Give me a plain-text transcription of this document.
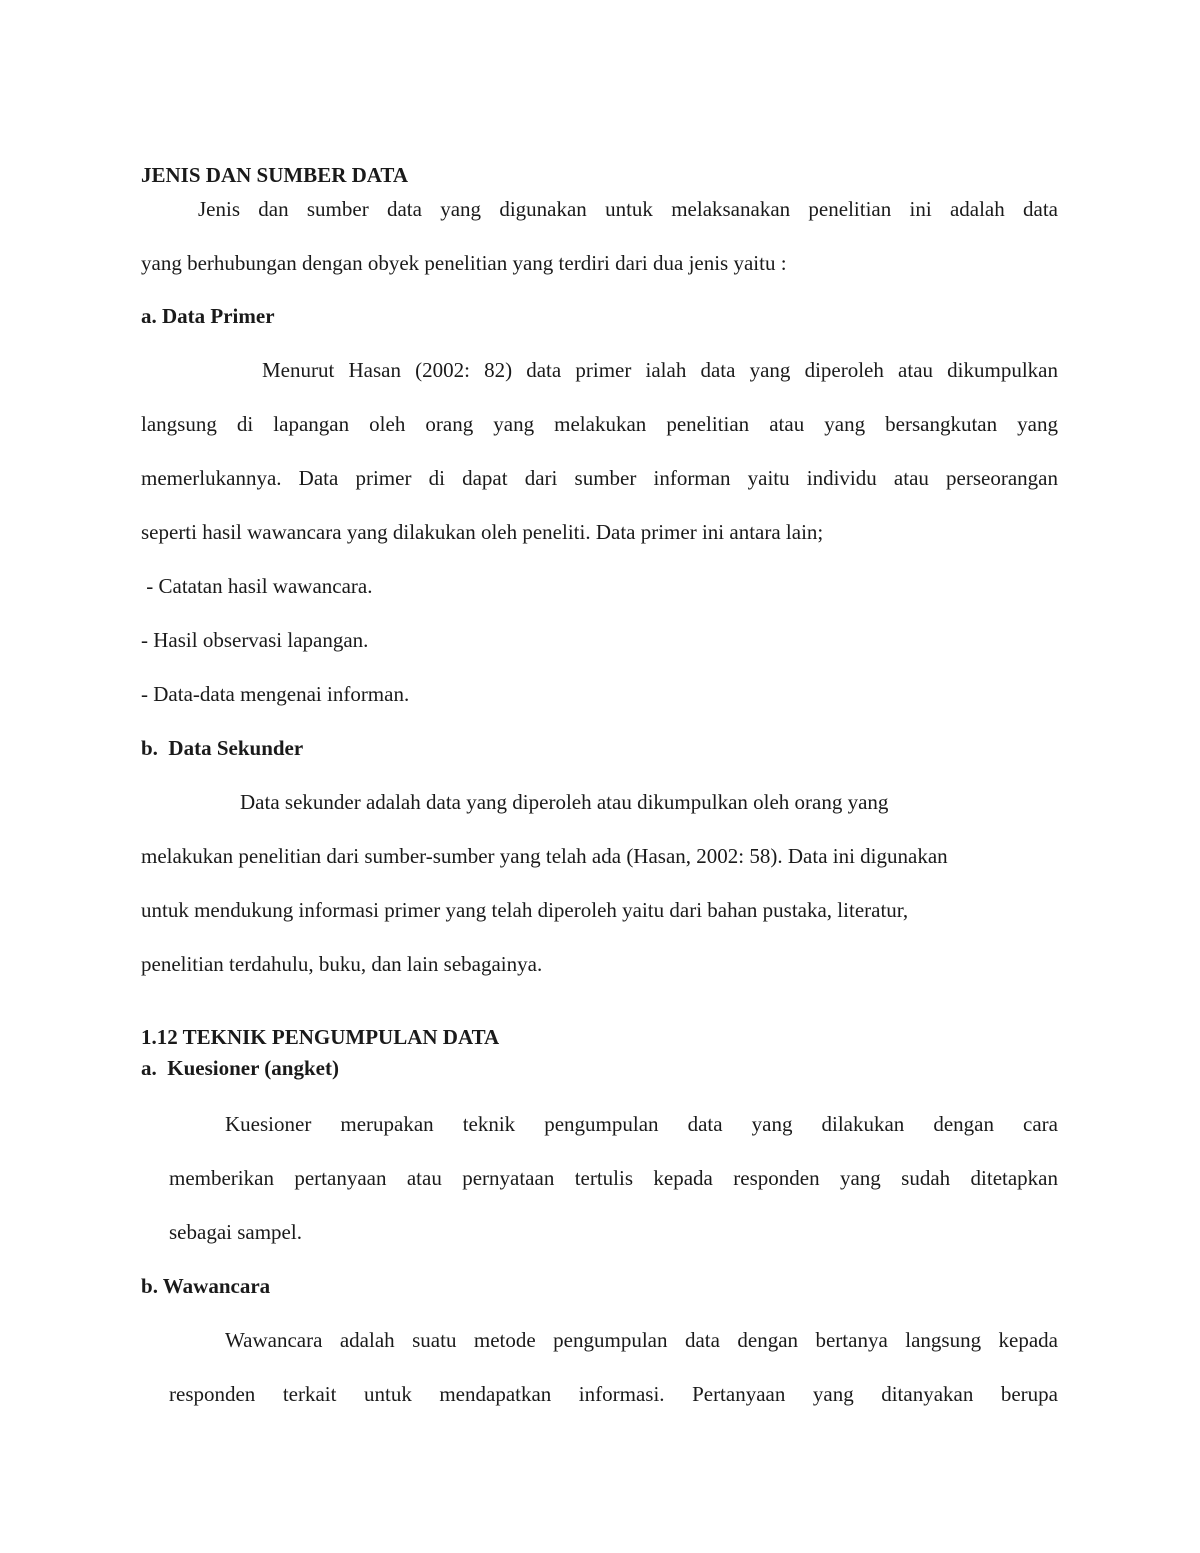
JENIS DAN SUMBER DATA

Jenis dan sumber data yang digunakan untuk melaksanakan penelitian ini adalah data

yang berhubungan dengan obyek penelitian yang terdiri dari dua jenis yaitu :

a. Data Primer

Menurut Hasan (2002: 82) data primer ialah data yang diperoleh atau dikumpulkan

langsung di lapangan oleh orang yang melakukan penelitian atau yang bersangkutan yang

memerlukannya. Data primer di dapat dari sumber informan yaitu individu atau perseorangan

seperti hasil wawancara yang dilakukan oleh peneliti. Data primer ini antara lain;

- Catatan hasil wawancara.

- Hasil observasi lapangan.

- Data-data mengenai informan.

b.  Data Sekunder

Data sekunder adalah data yang diperoleh atau dikumpulkan oleh orang yang

melakukan penelitian dari sumber-sumber yang telah ada (Hasan, 2002: 58). Data ini digunakan

untuk mendukung informasi primer yang telah diperoleh yaitu dari bahan pustaka, literatur,

penelitian terdahulu, buku, dan lain sebagainya.

1.12 TEKNIK PENGUMPULAN DATA

a.  Kuesioner (angket)

Kuesioner merupakan teknik pengumpulan data yang dilakukan dengan cara

memberikan pertanyaan atau pernyataan tertulis kepada responden yang sudah ditetapkan

sebagai sampel.

b. Wawancara

Wawancara adalah suatu metode pengumpulan data dengan bertanya langsung kepada

responden terkait untuk mendapatkan informasi. Pertanyaan yang ditanyakan berupa
